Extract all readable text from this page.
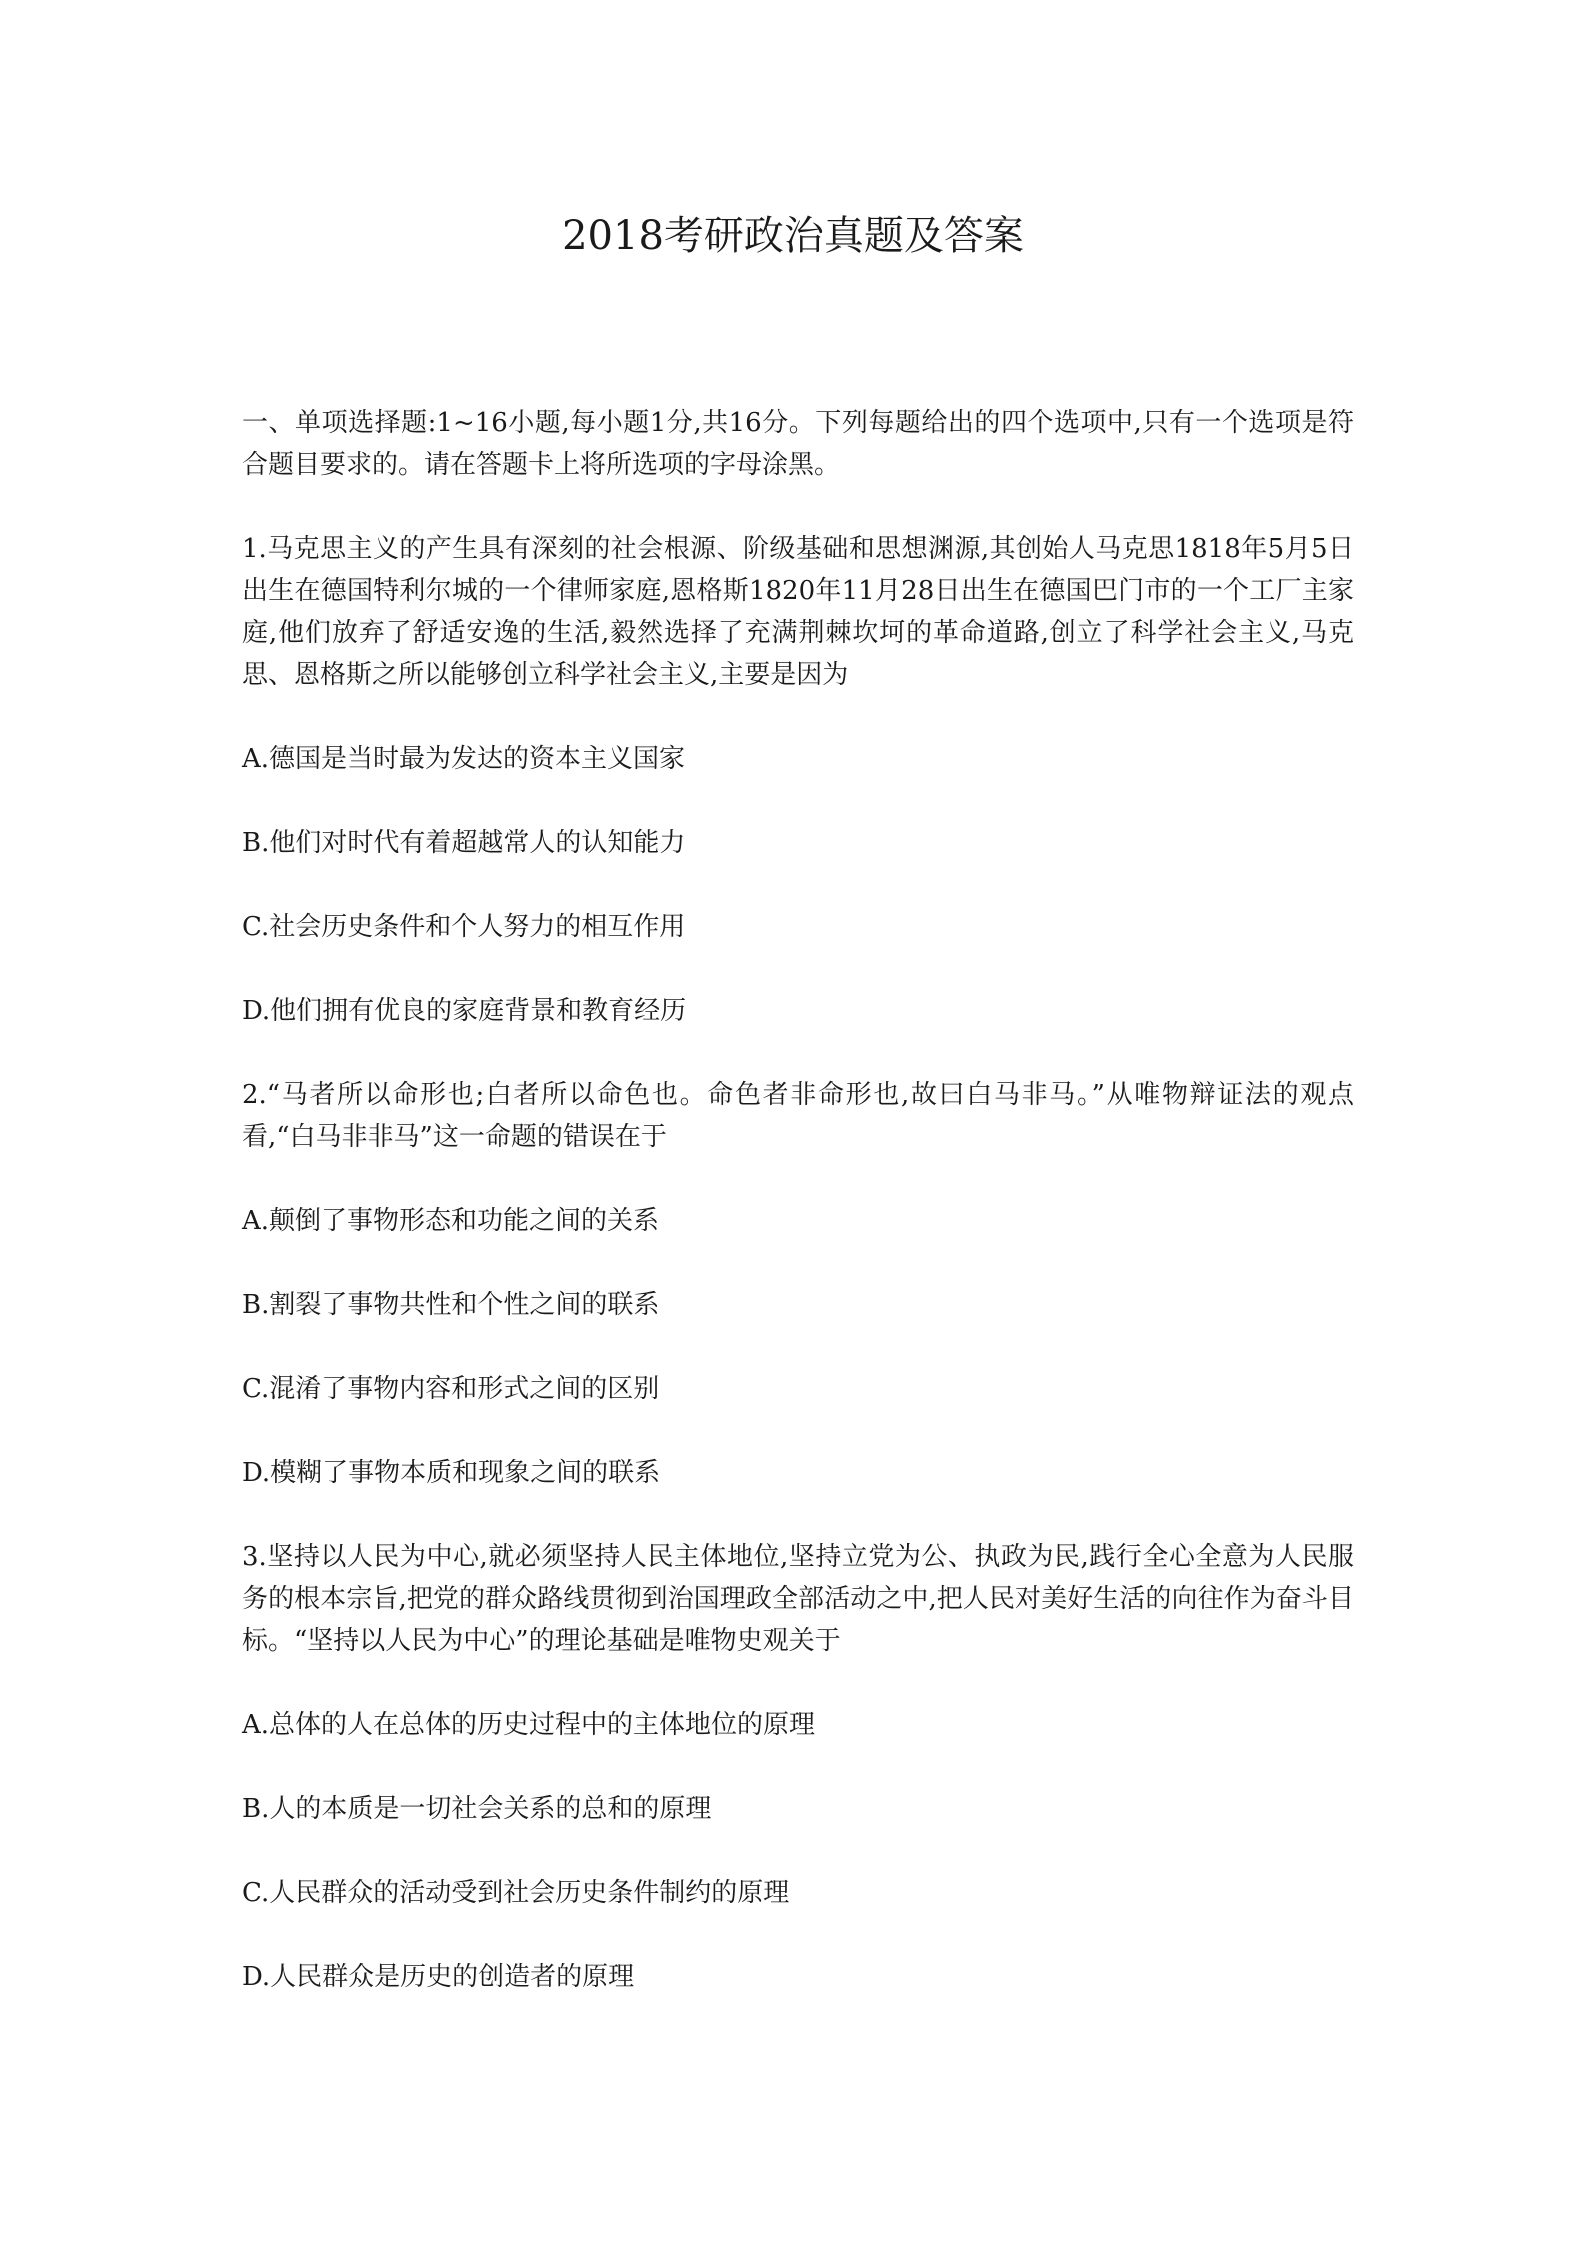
2018考研政治真题及答案

一、单项选择题:1~16小题,每小题1分,共16分。下列每题给出的四个选项中,只有一个选项是符合题目要求的。请在答题卡上将所选项的字母涂黑。

1.马克思主义的产生具有深刻的社会根源、阶级基础和思想渊源,其创始人马克思1818年5月5日出生在德国特利尔城的一个律师家庭,恩格斯1820年11月28日出生在德国巴门市的一个工厂主家庭,他们放弃了舒适安逸的生活,毅然选择了充满荆棘坎坷的革命道路,创立了科学社会主义,马克思、恩格斯之所以能够创立科学社会主义,主要是因为

A.德国是当时最为发达的资本主义国家

B.他们对时代有着超越常人的认知能力

C.社会历史条件和个人努力的相互作用

D.他们拥有优良的家庭背景和教育经历

2.“马者所以命形也;白者所以命色也。命色者非命形也,故曰白马非马。”从唯物辩证法的观点看,“白马非非马”这一命题的错误在于

A.颠倒了事物形态和功能之间的关系

B.割裂了事物共性和个性之间的联系

C.混淆了事物内容和形式之间的区别

D.模糊了事物本质和现象之间的联系

3.坚持以人民为中心,就必须坚持人民主体地位,坚持立党为公、执政为民,践行全心全意为人民服务的根本宗旨,把党的群众路线贯彻到治国理政全部活动之中,把人民对美好生活的向往作为奋斗目标。“坚持以人民为中心”的理论基础是唯物史观关于

A.总体的人在总体的历史过程中的主体地位的原理

B.人的本质是一切社会关系的总和的原理

C.人民群众的活动受到社会历史条件制约的原理

D.人民群众是历史的创造者的原理
